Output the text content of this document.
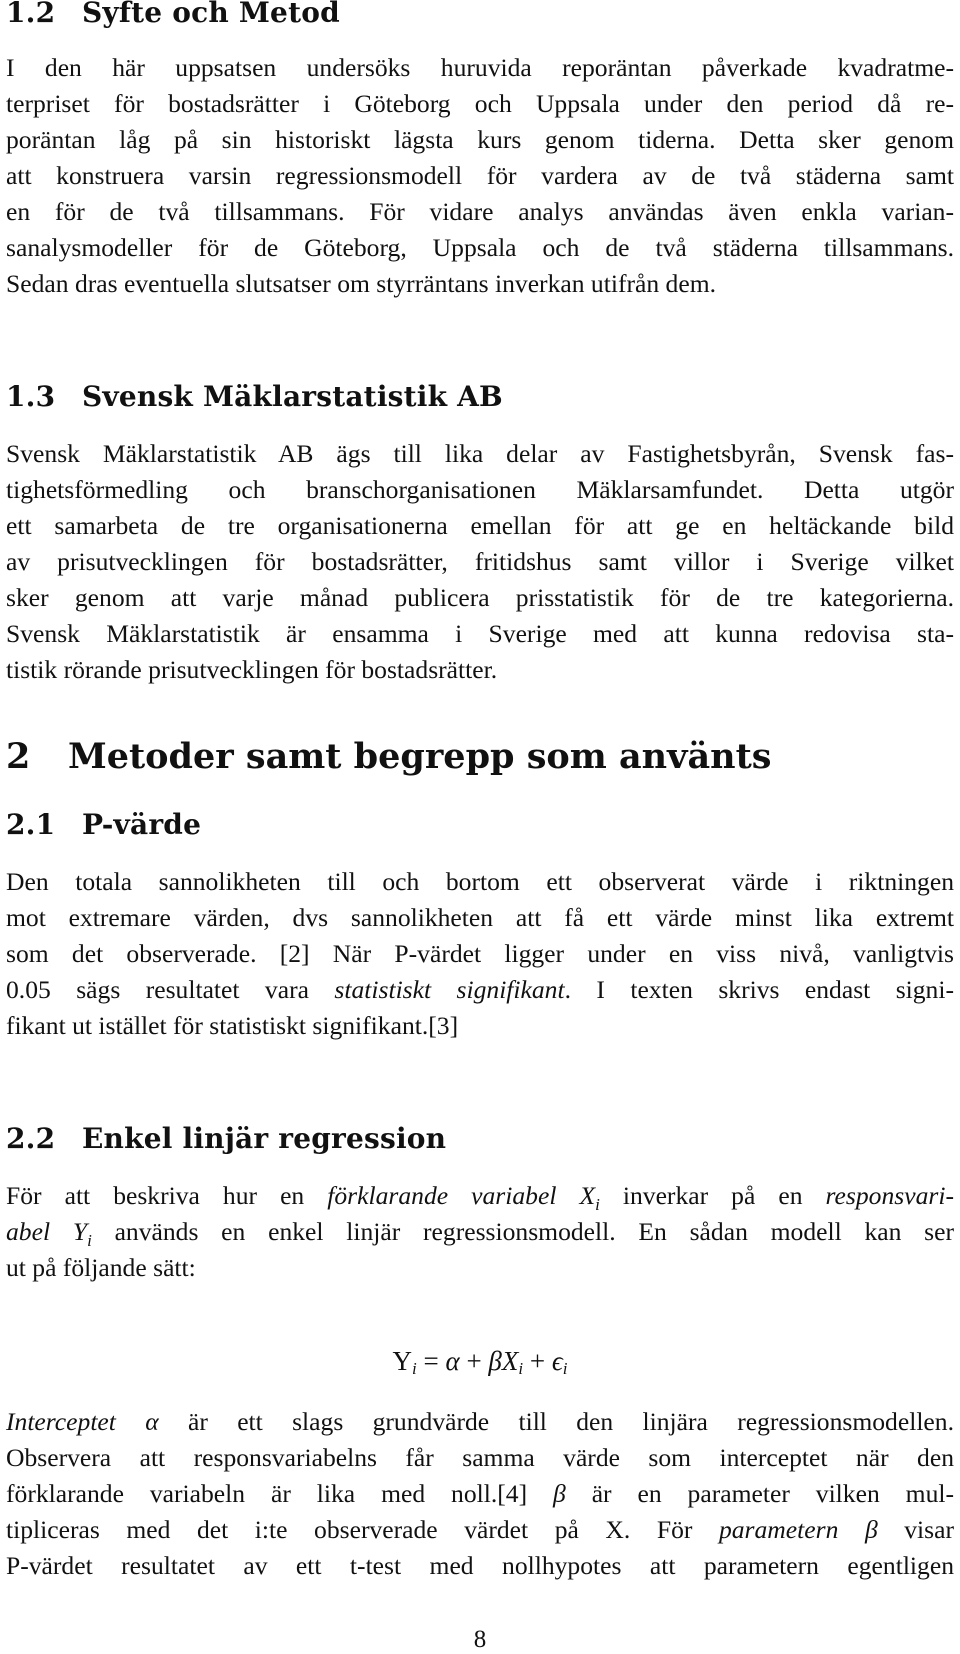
1.2 Syfte och Metod
I den här uppsatsen undersöks huruvida reporäntan påverkade kvadratme-
terpriset för bostadsrätter i Göteborg och Uppsala under den period då re-
poräntan låg på sin historiskt lägsta kurs genom tiderna. Detta sker genom
att konstruera varsin regressionsmodell för vardera av de två städerna samt
en för de två tillsammans. För vidare analys användas även enkla varian-
sanalysmodeller för de Göteborg, Uppsala och de två städerna tillsammans.
Sedan dras eventuella slutsatser om styrräntans inverkan utifrån dem.
1.3 Svensk Mäklarstatistik AB
Svensk Mäklarstatistik AB ägs till lika delar av Fastighetsbyrån, Svensk fas-
tighetsförmedling och branschorganisationen Mäklarsamfundet. Detta utgör
ett samarbeta de tre organisationerna emellan för att ge en heltäckande bild
av prisutvecklingen för bostadsrätter, fritidshus samt villor i Sverige vilket
sker genom att varje månad publicera prisstatistik för de tre kategorierna.
Svensk Mäklarstatistik är ensamma i Sverige med att kunna redovisa sta-
tistik rörande prisutvecklingen för bostadsrätter.
2 Metoder samt begrepp som använts
2.1 P-värde
Den totala sannolikheten till och bortom ett observerat värde i riktningen
mot extremare värden, dvs sannolikheten att få ett värde minst lika extremt
som det observerade. [2] När P-värdet ligger under en viss nivå, vanligtvis
0.05 sägs resultatet vara statistiskt signifikant. I texten skrivs endast signi-
fikant ut istället för statistiskt signifikant.[3]
2.2 Enkel linjär regression
För att beskriva hur en förklarande variabel $X_i$ inverkar på en responsvari-
abel $Y_i$ används en enkel linjär regressionsmodell. En sådan modell kan ser
ut på följande sätt:
$Y_i = \alpha + \beta X_i + \epsilon_i$
Interceptet α är ett slags grundvärde till den linjära regressionsmodellen.
Observera att responsvariabelns får samma värde som interceptet när den
förklarande variabeln är lika med noll.[4] β är en parameter vilken mul-
tipliceras med det i:te observerade värdet på X. För parametern β visar
P-värdet resultatet av ett t-test med nollhypotes att parametern egentligen
8
